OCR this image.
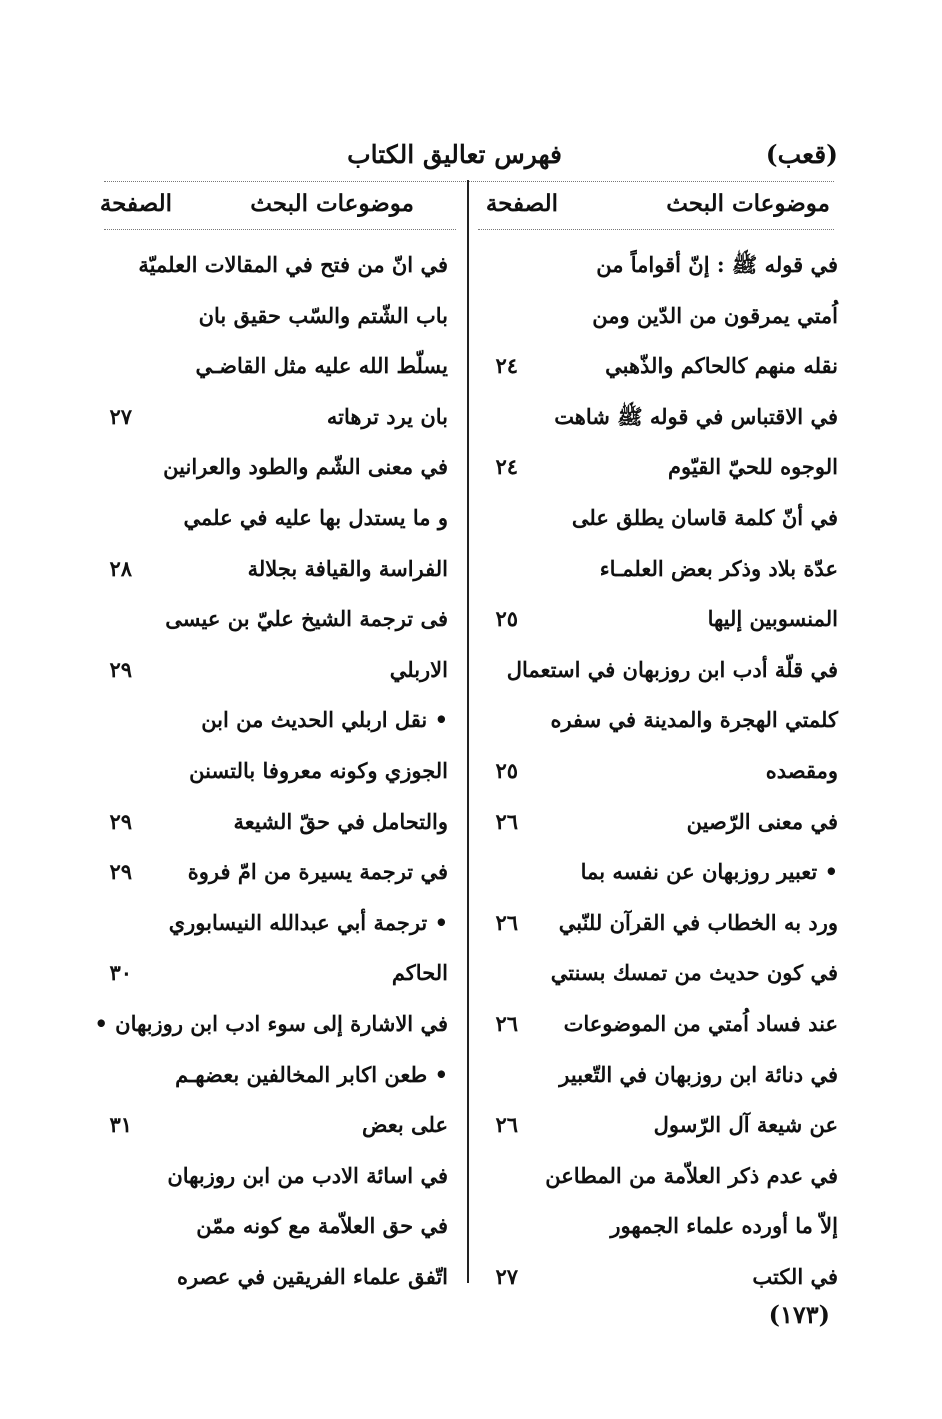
(قعب)
فهرس تعاليق الكتاب
موضوعات البحث
الصفحة
موضوعات البحث
الصفحة
في قوله ﷺ : إنّ أقواماً من
اُمتي يمرقون من الدّين ومن
نقله منهم كالحاكم والذّهبي
٢٤
في الاقتباس في قوله ﷺ شاهت
الوجوه للحيّ القيّوم
٢٤
في أنّ كلمة قاسان يطلق على
عدّة بلاد وذكر بعض العلمـاء
المنسوبين إليها
٢٥
في قلّة أدب ابن روزبهان في استعمال
كلمتي الهجرة والمدينة في سفره
ومقصده
٢٥
في معنى الرّصين
٢٦
• تعبير روزبهان عن نفسه بما
ورد به الخطاب في القرآن للنّبي
٢٦
في كون حديث من تمسك بسنتي
عند فساد اُمتي من الموضوعات
٢٦
في دنائة ابن روزبهان في التّعبير
عن شيعة آل الرّسول
٢٦
في عدم ذكر العلاّمة من المطاعن
إلاّ ما أورده علماء الجمهور
في الكتب
٢٧
في انّ من فتح في المقالات العلميّة
باب الشّتم والسّب حقيق بان
يسلّط الله عليه مثل القاضـي
بان يرد ترهاته
٢٧
في معنى الشّم والطود والعرانين
و ما يستدل بها عليه في علمي
الفراسة والقيافة بجلالة
٢٨
فى ترجمة الشيخ عليّ بن عيسى
الاربلي
٢٩
• نقل اربلي الحديث من ابن
الجوزي وكونه معروفا بالتسنن
والتحامل في حقّ الشيعة
٢٩
في ترجمة يسيرة من امّ فروة
٢٩
• ترجمة أبي عبدالله النيسابوري
الحاكم
٣٠
في الاشارة إلى سوء ادب ابن روزبهان •
• طعن اكابر المخالفين بعضهـم
على بعض
٣١
في اسائة الادب من ابن روزبهان
في حق العلاّمة مع كونه ممّن
اتّفق علماء الفريقين في عصره
(١٧٣)
